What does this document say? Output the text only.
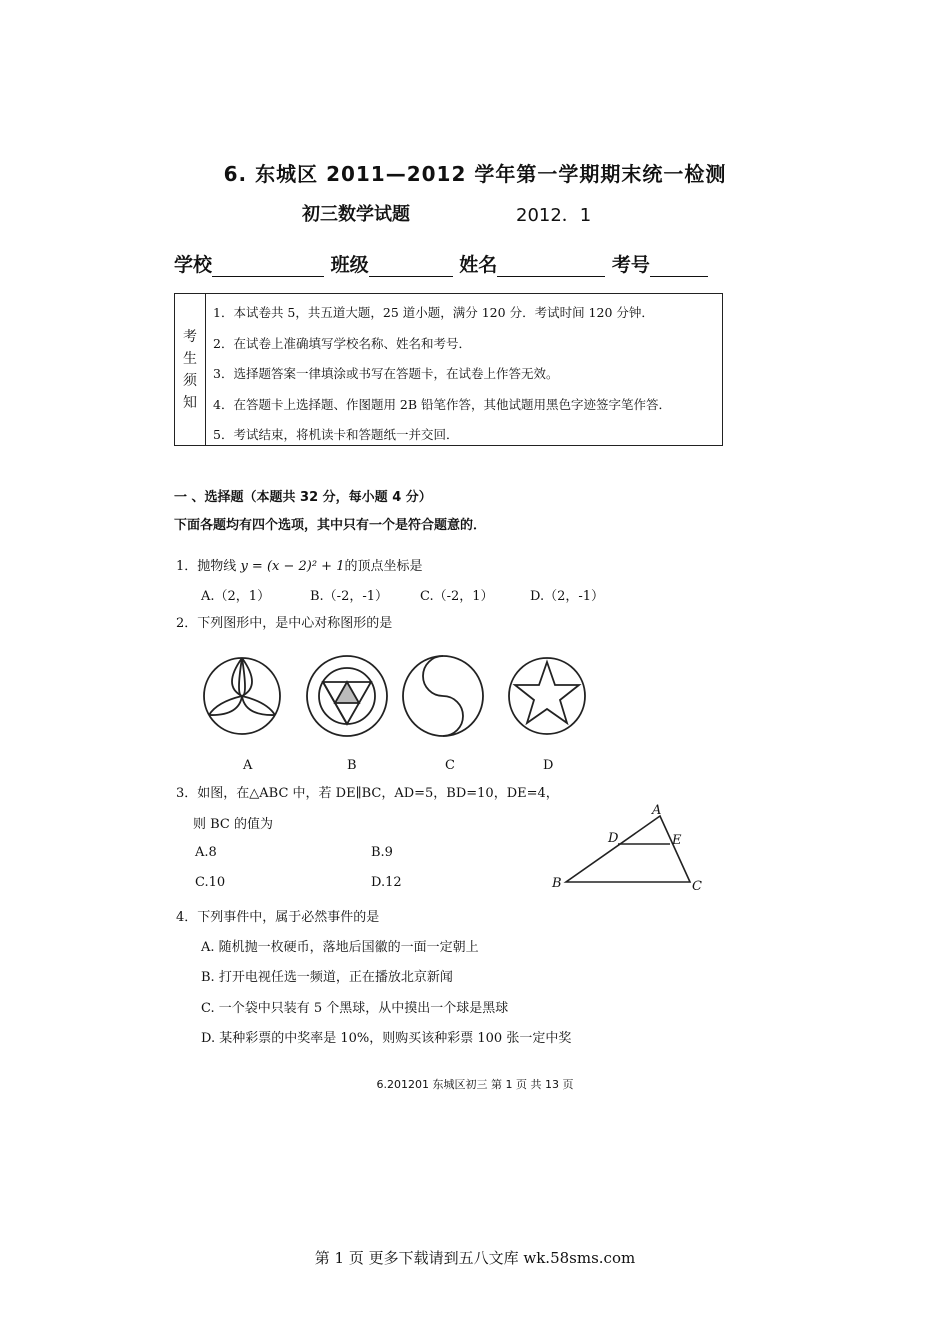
6. 东城区 2011—2012 学年第一学期期末统一检测
初三数学试题	2012．1
学校	班级	姓名	考号
考
生
须
知
1．本试卷共 5，共五道大题，25 道小题，满分 120 分．考试时间 120 分钟．
2．在试卷上准确填写学校名称、姓名和考号．
3．选择题答案一律填涂或书写在答题卡，在试卷上作答无效。
4．在答题卡上选择题、作图题用 2B 铅笔作答，其他试题用黑色字迹签字笔作答．
5．考试结束，将机读卡和答题纸一并交回．
一 、选择题（本题共 32 分，每小题 4 分）
下面各题均有四个选项，其中只有一个是符合题意的．
1．抛物线 y = (x − 2)² + 1的顶点坐标是
A.（2，1）	B.（-2，-1） C.（-2，1）	D.（2，-1）
2．下列图形中，是中心对称图形的是
A	B	C	D
3．如图，在△ABC 中，若 DE∥BC，AD=5，BD=10，DE=4，
则 BC 的值为
A.8	B.9
C.10	D.12
A
D	E
B	C
4．下列事件中，属于必然事件的是
A. 随机抛一枚硬币，落地后国徽的一面一定朝上
B. 打开电视任选一频道，正在播放北京新闻
C. 一个袋中只装有 5 个黑球，从中摸出一个球是黑球
D. 某种彩票的中奖率是 10%，则购买该种彩票 100 张一定中奖
6.201201 东城区初三 第 1 页 共 13 页
第 1 页 更多下载请到五八文库 wk.58sms.com
